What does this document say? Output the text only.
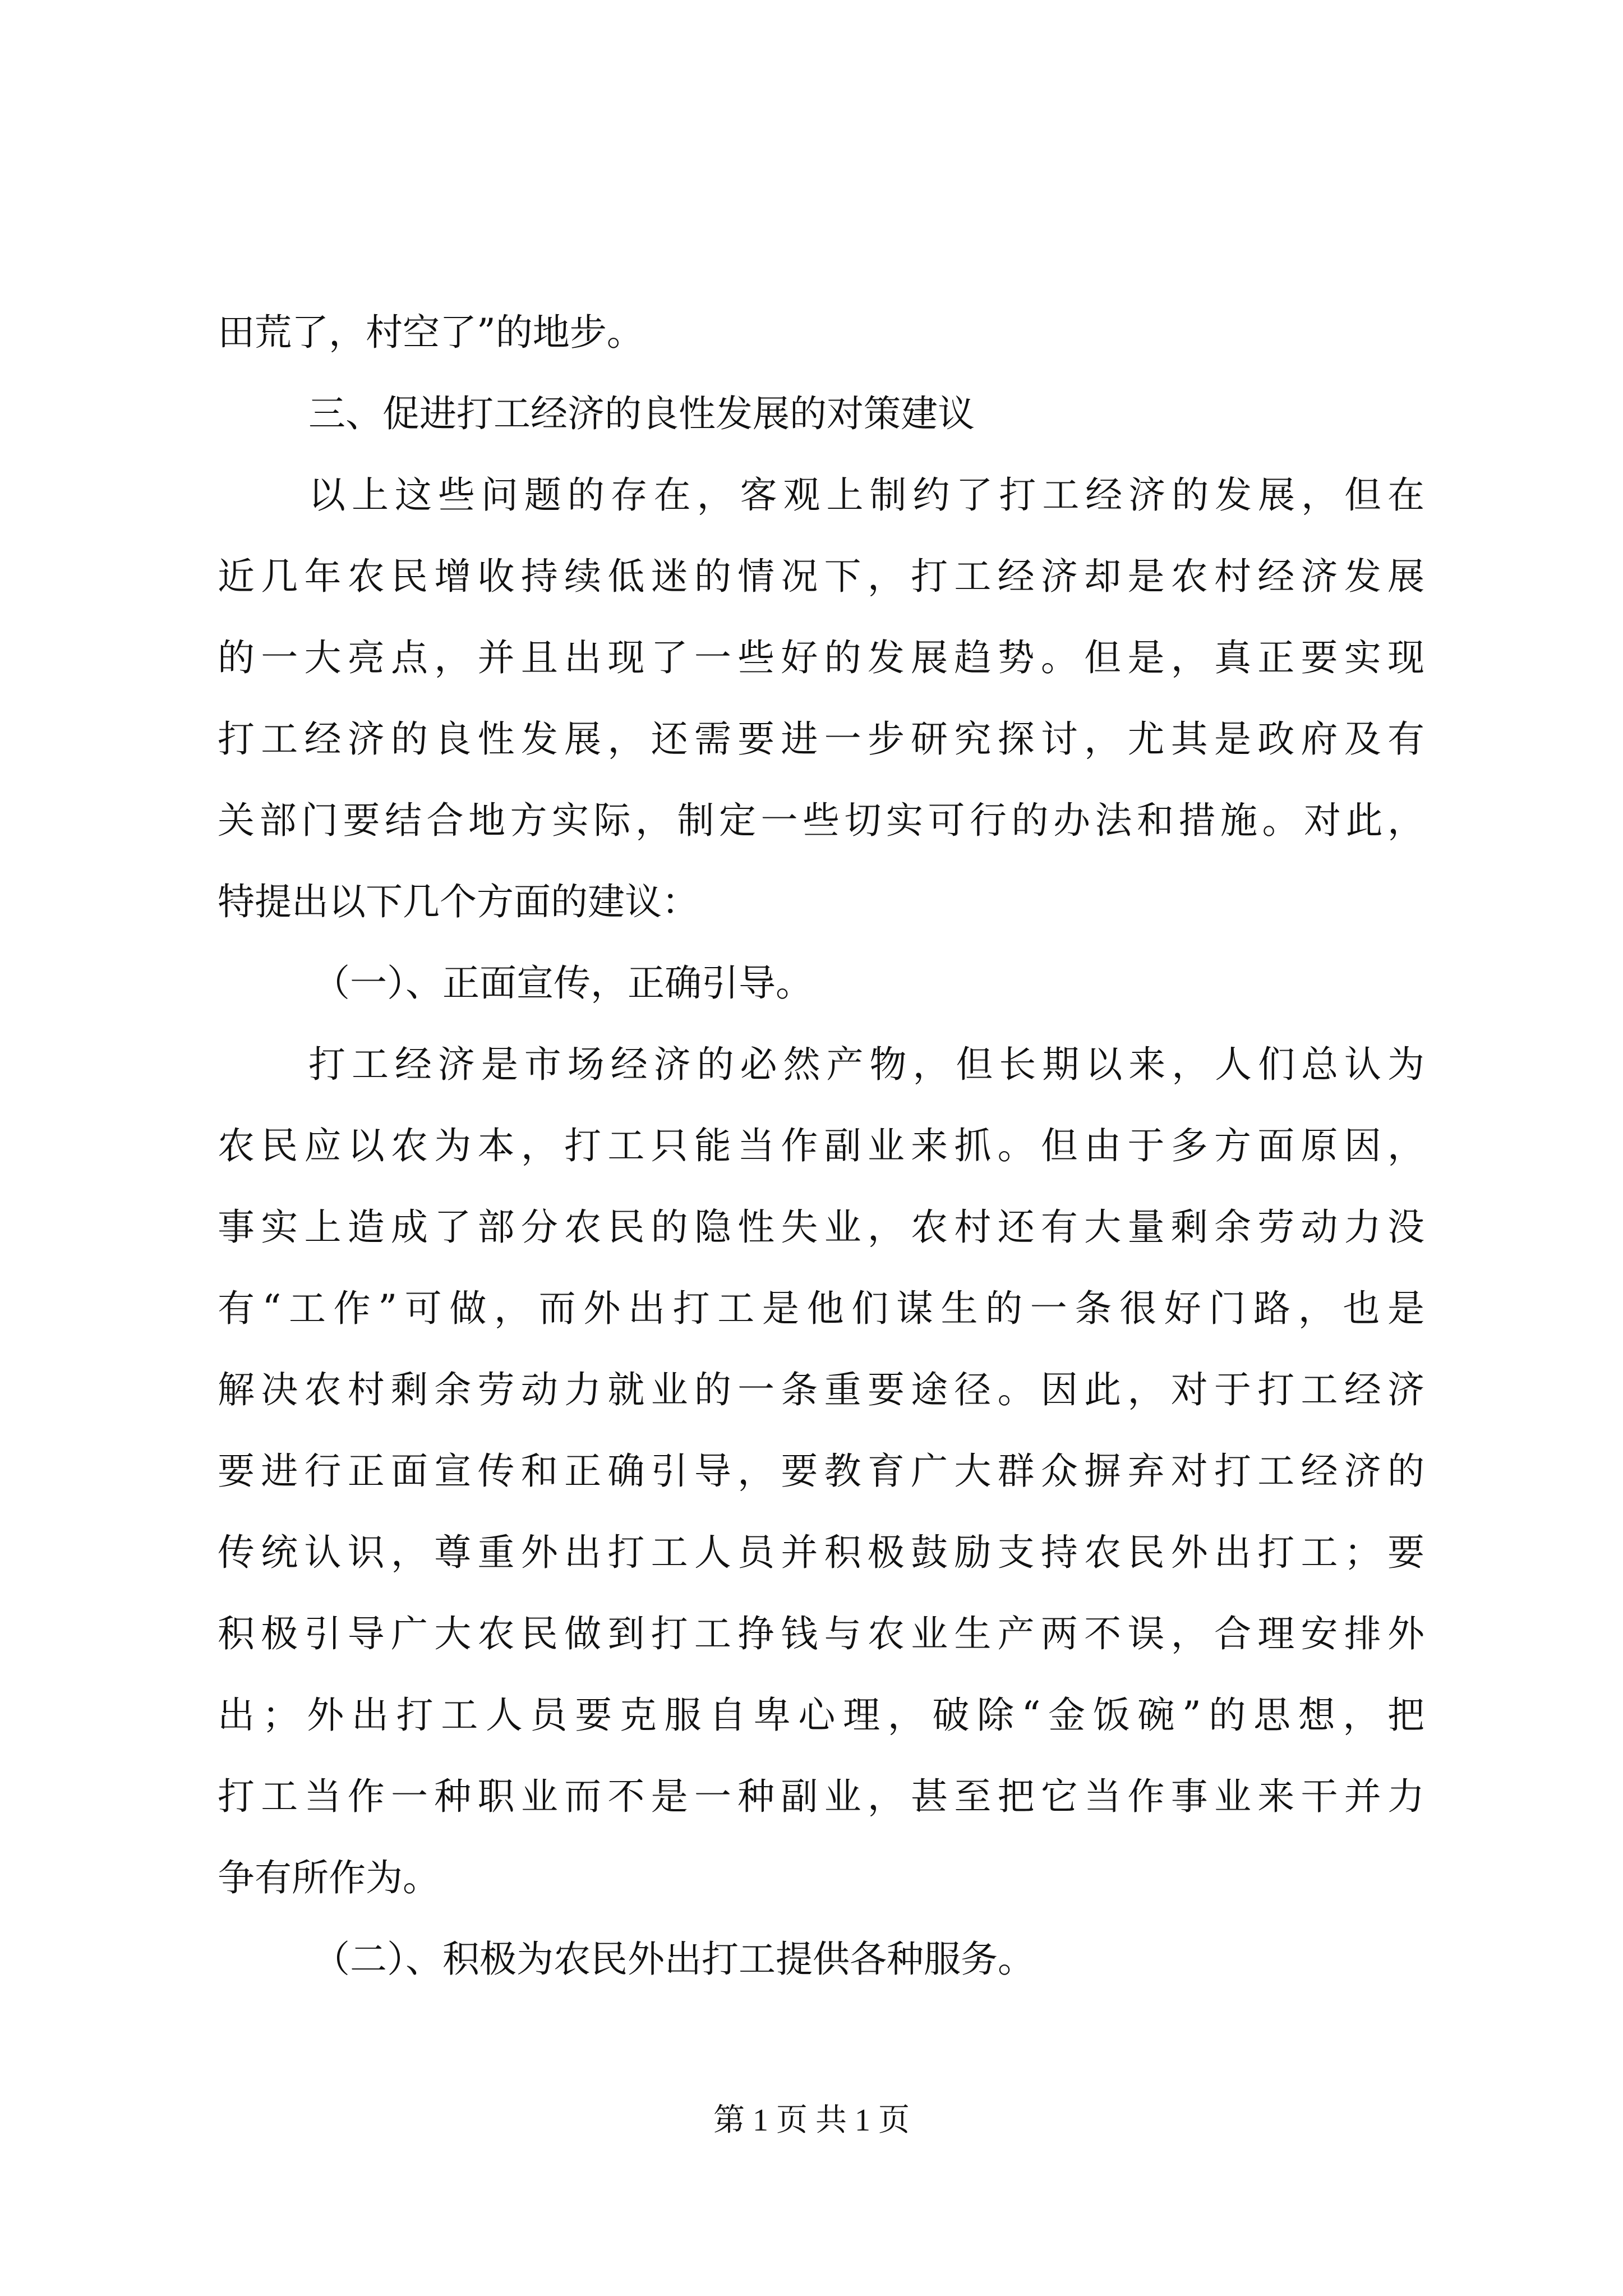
田荒了，村空了”的地步。
三、促进打工经济的良性发展的对策建议
以上这些问题的存在，客观上制约了打工经济的发展，但在
近几年农民增收持续低迷的情况下，打工经济却是农村经济发展
的一大亮点，并且出现了一些好的发展趋势。但是，真正要实现
打工经济的良性发展，还需要进一步研究探讨，尤其是政府及有
关部门要结合地方实际，制定一些切实可行的办法和措施。对此，
特提出以下几个方面的建议：
（一）、正面宣传，正确引导。
打工经济是市场经济的必然产物，但长期以来，人们总认为
农民应以农为本，打工只能当作副业来抓。但由于多方面原因，
事实上造成了部分农民的隐性失业，农村还有大量剩余劳动力没
有“工作”可做，而外出打工是他们谋生的一条很好门路，也是
解决农村剩余劳动力就业的一条重要途径。因此，对于打工经济
要进行正面宣传和正确引导，要教育广大群众摒弃对打工经济的
传统认识，尊重外出打工人员并积极鼓励支持农民外出打工；要
积极引导广大农民做到打工挣钱与农业生产两不误，合理安排外
出；外出打工人员要克服自卑心理，破除“金饭碗”的思想，把
打工当作一种职业而不是一种副业，甚至把它当作事业来干并力
争有所作为。
（二）、积极为农民外出打工提供各种服务。
第 1 页 共 1 页
